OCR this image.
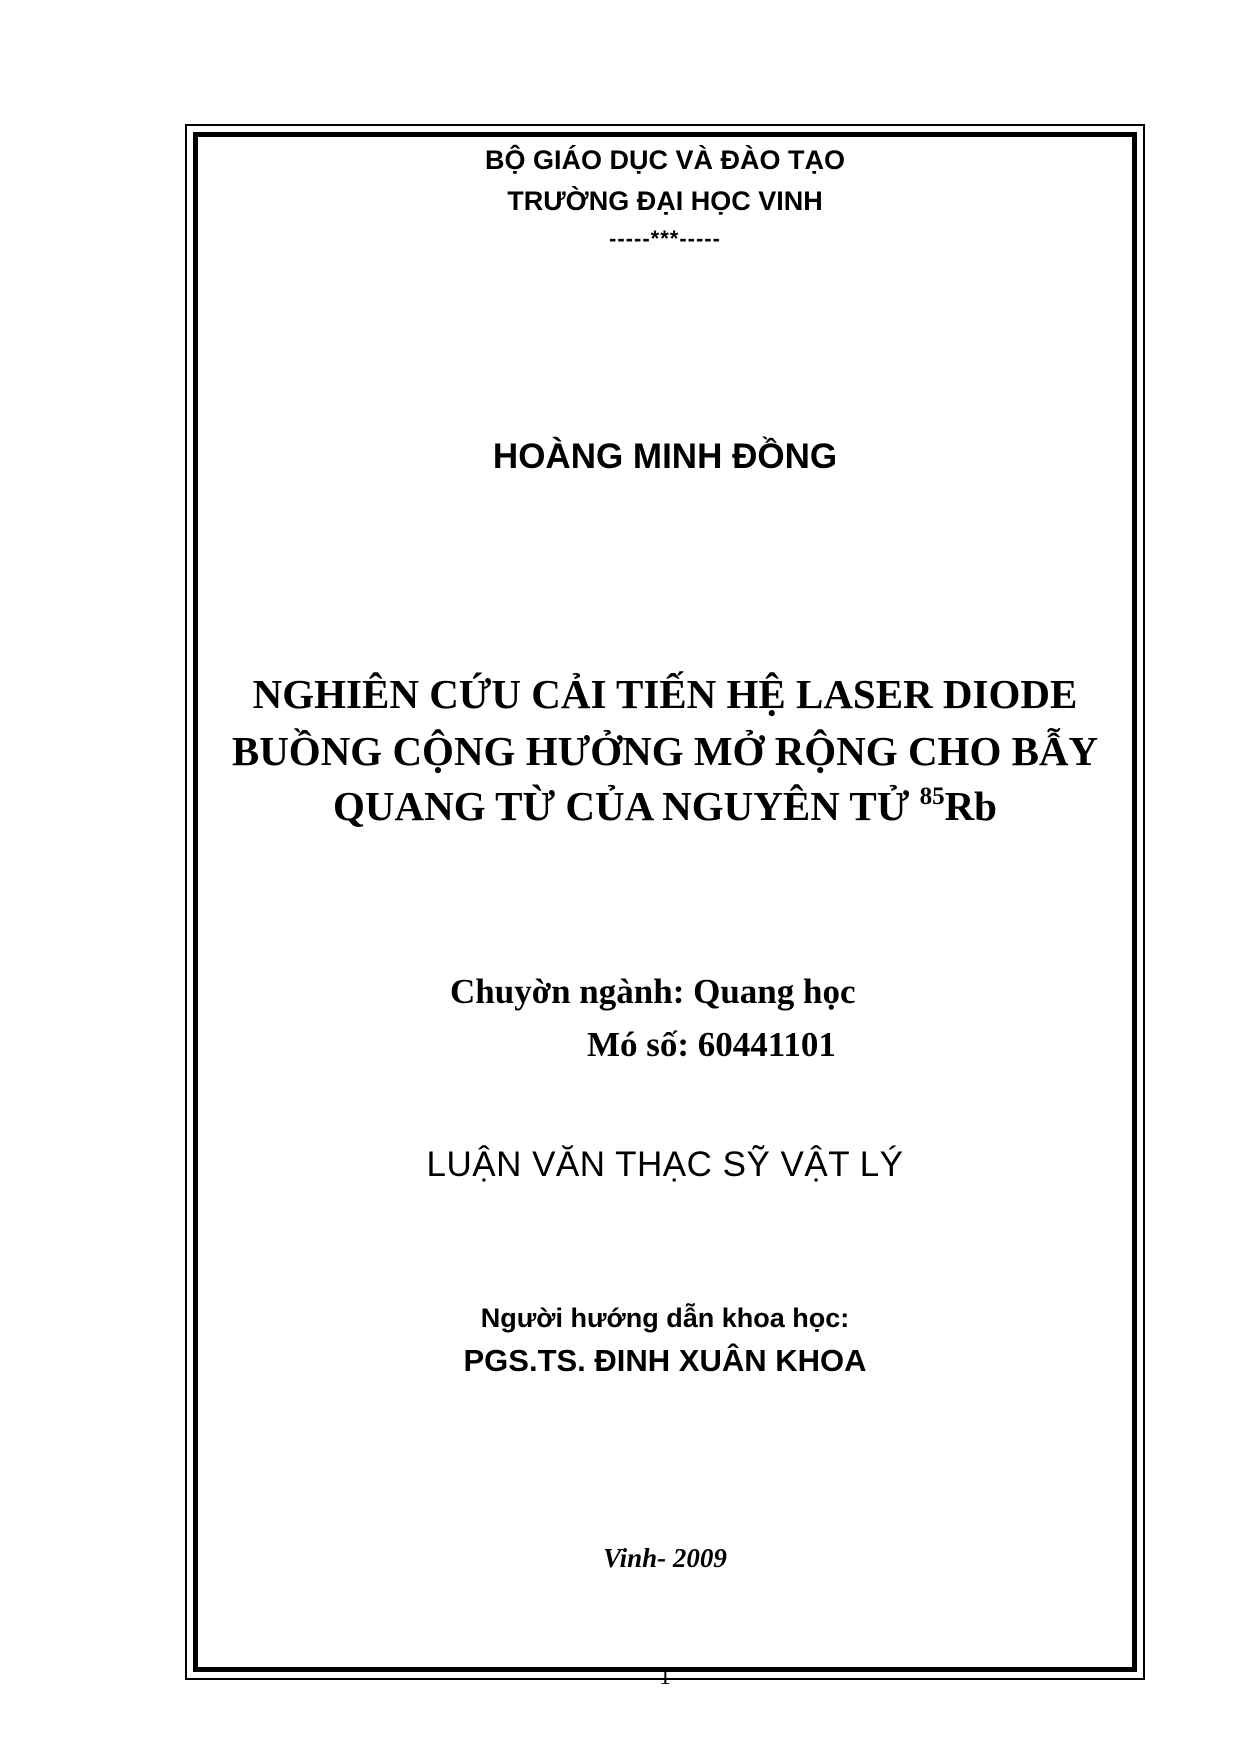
BỘ GIÁO DỤC VÀ ĐÀO TẠO
TRƯỜNG ĐẠI HỌC VINH
-----***-----
HOÀNG MINH ĐỒNG
NGHIÊN CỨU CẢI TIẾN HỆ LASER DIODE
BUỒNG CỘNG HƯỞNG MỞ RỘNG CHO BẪY
QUANG TỪ CỦA NGUYÊN TỬ $^{85}$Rb
Chuyờn ngành: Quang học
Mó số: 60441101
LUẬN VĂN THẠC SỸ VẬT LÝ
Người hướng dẫn khoa học:
PGS.TS. ĐINH XUÂN KHOA
Vinh- 2009
1
